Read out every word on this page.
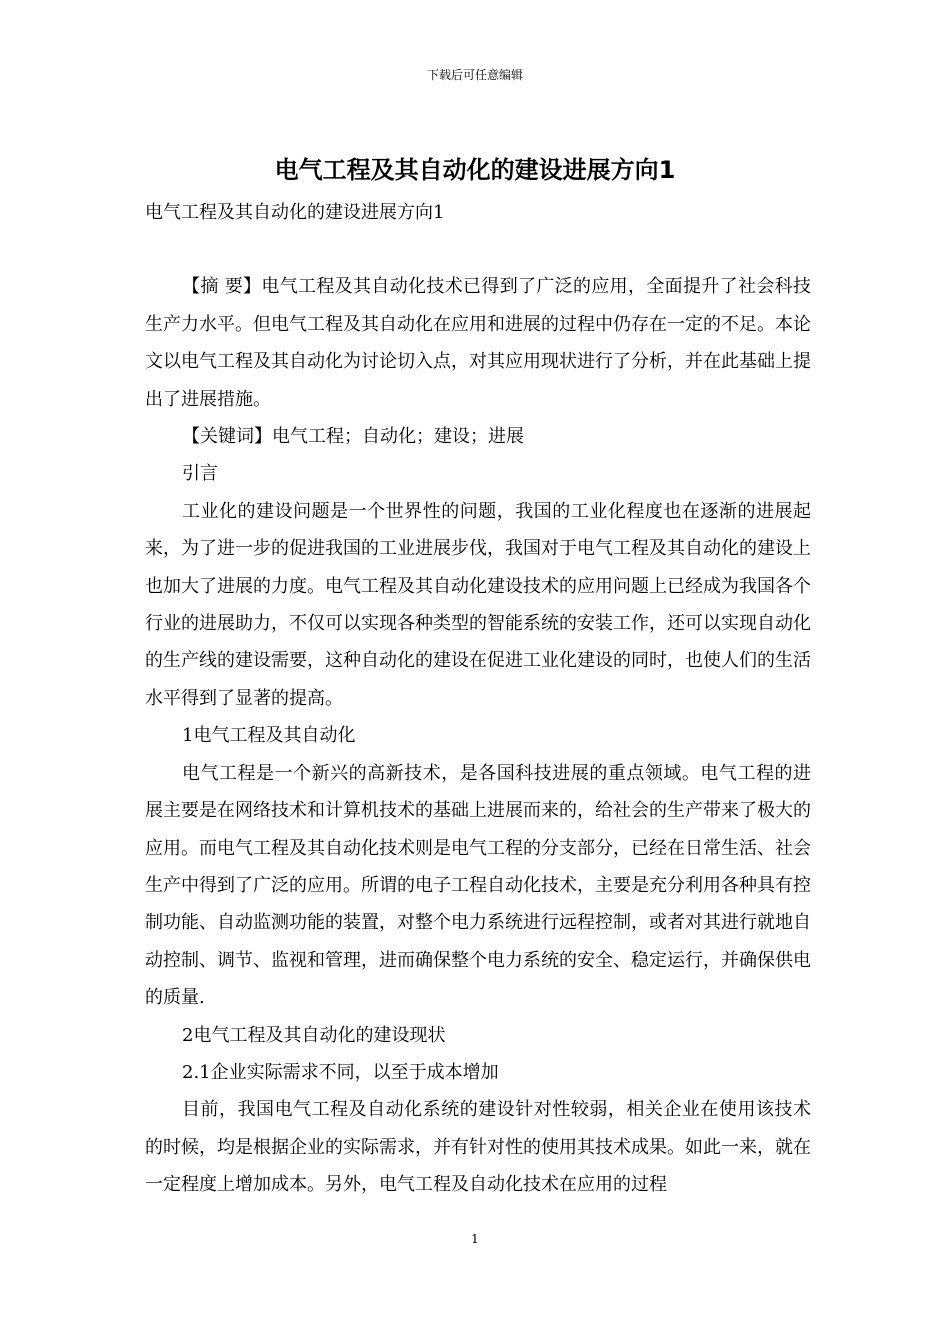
下载后可任意编辑
电气工程及其自动化的建设进展方向1

电气工程及其自动化的建设进展方向1

【摘 要】电气工程及其自动化技术已得到了广泛的应用，全面提升了社会科技生产力水平。但电气工程及其自动化在应用和进展的过程中仍存在一定的不足。本论文以电气工程及其自动化为讨论切入点，对其应用现状进行了分析，并在此基础上提出了进展措施。

【关键词】电气工程；自动化；建设；进展

引言

工业化的建设问题是一个世界性的问题，我国的工业化程度也在逐渐的进展起来，为了进一步的促进我国的工业进展步伐，我国对于电气工程及其自动化的建设上也加大了进展的力度。电气工程及其自动化建设技术的应用问题上已经成为我国各个行业的进展助力，不仅可以实现各种类型的智能系统的安装工作，还可以实现自动化的生产线的建设需要，这种自动化的建设在促进工业化建设的同时，也使人们的生活水平得到了显著的提高。

1电气工程及其自动化

电气工程是一个新兴的高新技术，是各国科技进展的重点领域。电气工程的进展主要是在网络技术和计算机技术的基础上进展而来的，给社会的生产带来了极大的应用。而电气工程及其自动化技术则是电气工程的分支部分，已经在日常生活、社会生产中得到了广泛的应用。所谓的电子工程自动化技术，主要是充分利用各种具有控制功能、自动监测功能的装置，对整个电力系统进行远程控制，或者对其进行就地自动控制、调节、监视和管理，进而确保整个电力系统的安全、稳定运行，并确保供电的质量.

2电气工程及其自动化的建设现状

2.1企业实际需求不同，以至于成本增加

目前，我国电气工程及自动化系统的建设针对性较弱，相关企业在使用该技术的时候，均是根据企业的实际需求，并有针对性的使用其技术成果。如此一来，就在一定程度上增加成本。另外，电气工程及自动化技术在应用的过程

1
